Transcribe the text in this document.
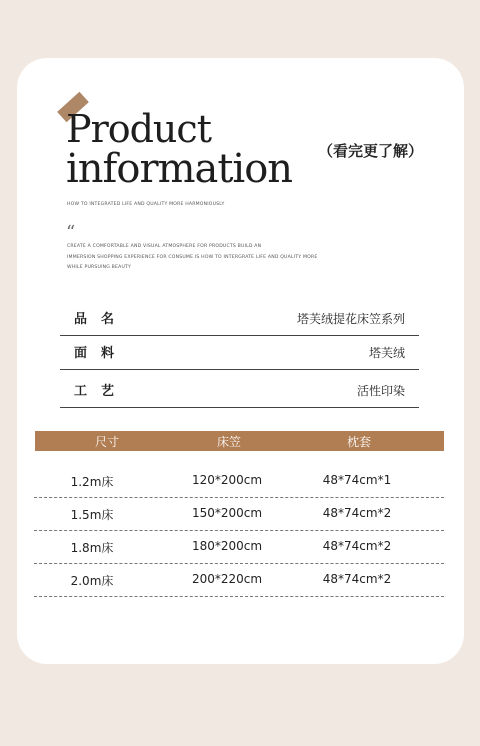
Product
information （看完更了解）
HOW TO INTEGRATED LIFE AND QUALITY MORE HARMONIOUSLY
“
CREATE A COMFORTABLE AND VISUAL ATMOSPHERE FOR PRODUCTS BUILD AN
IMMERSION SHOPPING EXPERIENCE FOR CONSUME IS HOW TO INTERGRATE LIFE AND QUALITY MORE
WHILE PURSUING BEAUTY
品名	塔芙绒提花床笠系列
面料	塔芙绒
工艺	活性印染
尺寸	床笠	枕套
1.2m床	120*200cm	48*74cm*1
1.5m床	150*200cm	48*74cm*2
1.8m床	180*200cm	48*74cm*2
2.0m床	200*220cm	48*74cm*2
